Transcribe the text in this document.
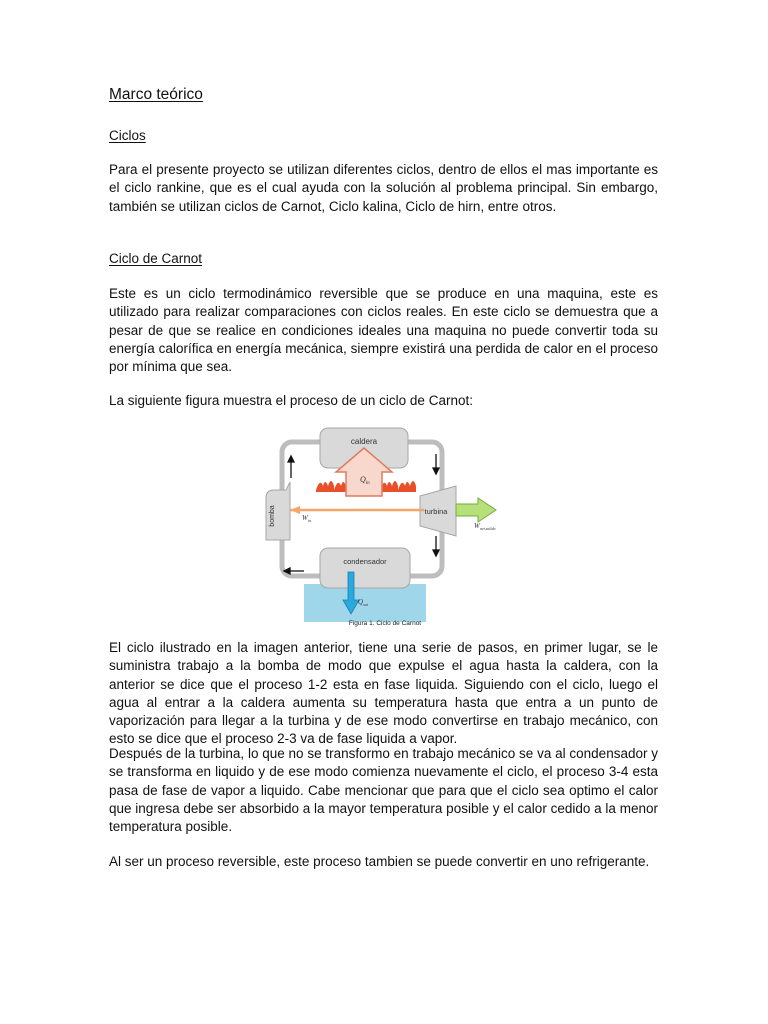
Marco teórico
Ciclos

Para el presente proyecto se utilizan diferentes ciclos, dentro de ellos el mas importante es el ciclo rankine, que es el cual ayuda con la solución al problema principal. Sin embargo, también se utilizan ciclos de Carnot, Ciclo kalina, Ciclo de hirn, entre otros.

Ciclo de Carnot

Este es un ciclo termodinámico reversible que se produce en una maquina, este es utilizado para realizar comparaciones con ciclos reales. En este ciclo se demuestra que a pesar de que se realice en condiciones ideales una maquina no puede convertir toda su energía calorífica en energía mecánica, siempre existirá una perdida de calor en el proceso por mínima que sea.

La siguiente figura muestra el proceso de un ciclo de Carnot:

caldera
$Q_{in}$
turbina
$W_{net,salida}$
bomba	$W_{in}$
condensador
$Q_{out}$
Figura 1. Ciclo de Carnot

El ciclo ilustrado en la imagen anterior, tiene una serie de pasos, en primer lugar, se le suministra trabajo a la bomba de modo que expulse el agua hasta la caldera, con la anterior se dice que el proceso 1-2 esta en fase liquida. Siguiendo con el ciclo, luego el agua al entrar a la caldera aumenta su temperatura hasta que entra a un punto de vaporización para llegar a la turbina y de ese modo convertirse en trabajo mecánico, con esto se dice que el proceso 2-3 va de fase liquida a vapor.

Después de la turbina, lo que no se transformo en trabajo mecánico se va al condensador y se transforma en liquido y de ese modo comienza nuevamente el ciclo, el proceso 3-4 esta pasa de fase de vapor a liquido. Cabe mencionar que para que el ciclo sea optimo el calor que ingresa debe ser absorbido a la mayor temperatura posible y el calor cedido a la menor temperatura posible.

Al ser un proceso reversible, este proceso tambien se puede convertir en uno refrigerante.
